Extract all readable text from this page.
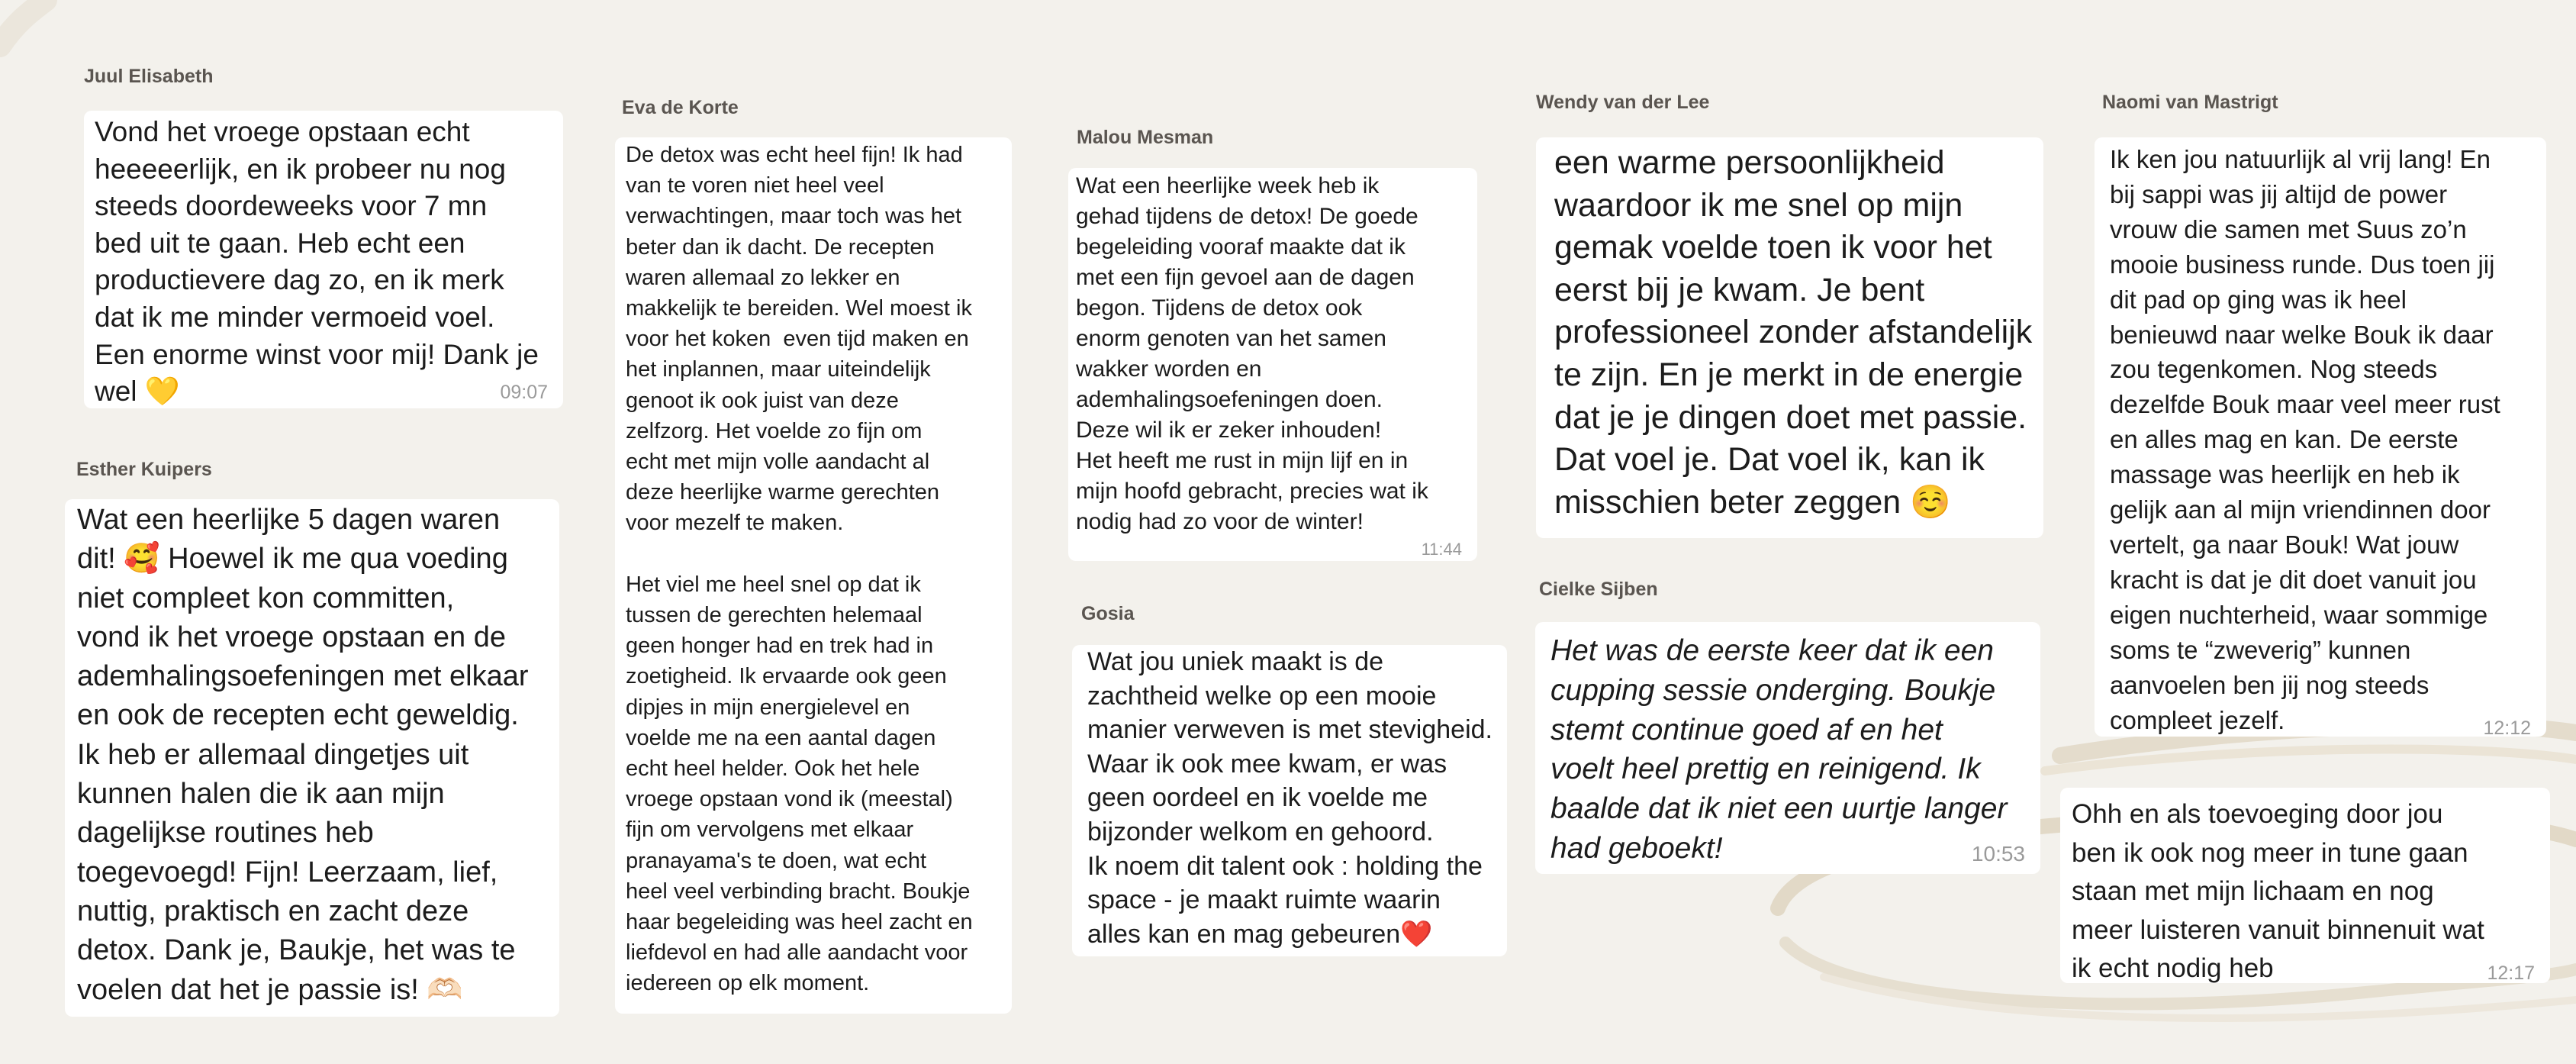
Juul Elisabeth

Vond het vroege opstaan echt
heeeeerlijk, en ik probeer nu nog
steeds doordeweeks voor 7 mn
bed uit te gaan. Heb echt een
productievere dag zo, en ik merk
dat ik me minder vermoeid voel.
Een enorme winst voor mij! Dank je
wel 💛	09:07
Esther Kuipers

Wat een heerlijke 5 dagen waren
dit! 🥰 Hoewel ik me qua voeding
niet compleet kon committen,
vond ik het vroege opstaan en de
ademhalingsoefeningen met elkaar
en ook de recepten echt geweldig.
Ik heb er allemaal dingetjes uit
kunnen halen die ik aan mijn
dagelijkse routines heb
toegevoegd! Fijn! Leerzaam, lief,
nuttig, praktisch en zacht deze
detox. Dank je, Baukje, het was te
voelen dat het je passie is! 🫶🏻

Eva de Korte

De detox was echt heel fijn! Ik had
van te voren niet heel veel
verwachtingen, maar toch was het
beter dan ik dacht. De recepten
waren allemaal zo lekker en
makkelijk te bereiden. Wel moest ik
voor het koken  even tijd maken en
het inplannen, maar uiteindelijk
genoot ik ook juist van deze
zelfzorg. Het voelde zo fijn om
echt met mijn volle aandacht al
deze heerlijke warme gerechten
voor mezelf te maken.

Het viel me heel snel op dat ik
tussen de gerechten helemaal
geen honger had en trek had in
zoetigheid. Ik ervaarde ook geen
dipjes in mijn energielevel en
voelde me na een aantal dagen
echt heel helder. Ook het hele
vroege opstaan vond ik (meestal)
fijn om vervolgens met elkaar
pranayama's te doen, wat echt
heel veel verbinding bracht. Boukje
haar begeleiding was heel zacht en
liefdevol en had alle aandacht voor
iedereen op elk moment.

Malou Mesman

Wat een heerlijke week heb ik
gehad tijdens de detox! De goede
begeleiding vooraf maakte dat ik
met een fijn gevoel aan de dagen
begon. Tijdens de detox ook
enorm genoten van het samen
wakker worden en
ademhalingsoefeningen doen.
Deze wil ik er zeker inhouden!
Het heeft me rust in mijn lijf en in
mijn hoofd gebracht, precies wat ik
nodig had zo voor de winter!

11:44
Gosia

Wat jou uniek maakt is de
zachtheid welke op een mooie
manier verweven is met stevigheid.
Waar ik ook mee kwam, er was
geen oordeel en ik voelde me
bijzonder welkom en gehoord.
Ik noem dit talent ook : holding the
space - je maakt ruimte waarin
alles kan en mag gebeuren❤️

Wendy van der Lee

een warme persoonlijkheid
waardoor ik me snel op mijn
gemak voelde toen ik voor het
eerst bij je kwam. Je bent
professioneel zonder afstandelijk
te zijn. En je merkt in de energie
dat je je dingen doet met passie.
Dat voel je. Dat voel ik, kan ik
misschien beter zeggen ☺️

Cielke Sijben

Het was de eerste keer dat ik een
cupping sessie onderging. Boukje
stemt continue goed af en het
voelt heel prettig en reinigend. Ik
baalde dat ik niet een uurtje langer
had geboekt!	10:53
Naomi van Mastrigt

Ik ken jou natuurlijk al vrij lang! En
bij sappi was jij altijd de power
vrouw die samen met Suus zo’n
mooie business runde. Dus toen jij
dit pad op ging was ik heel
benieuwd naar welke Bouk ik daar
zou tegenkomen. Nog steeds
dezelfde Bouk maar veel meer rust
en alles mag en kan. De eerste
massage was heerlijk en heb ik
gelijk aan al mijn vriendinnen door
vertelt, ga naar Bouk! Wat jouw
kracht is dat je dit doet vanuit jou
eigen nuchterheid, waar sommige
soms te “zweverig” kunnen
aanvoelen ben jij nog steeds
compleet jezelf.	12:12

Ohh en als toevoeging door jou
ben ik ook nog meer in tune gaan
staan met mijn lichaam en nog
meer luisteren vanuit binnenuit wat
ik echt nodig heb	12:17
